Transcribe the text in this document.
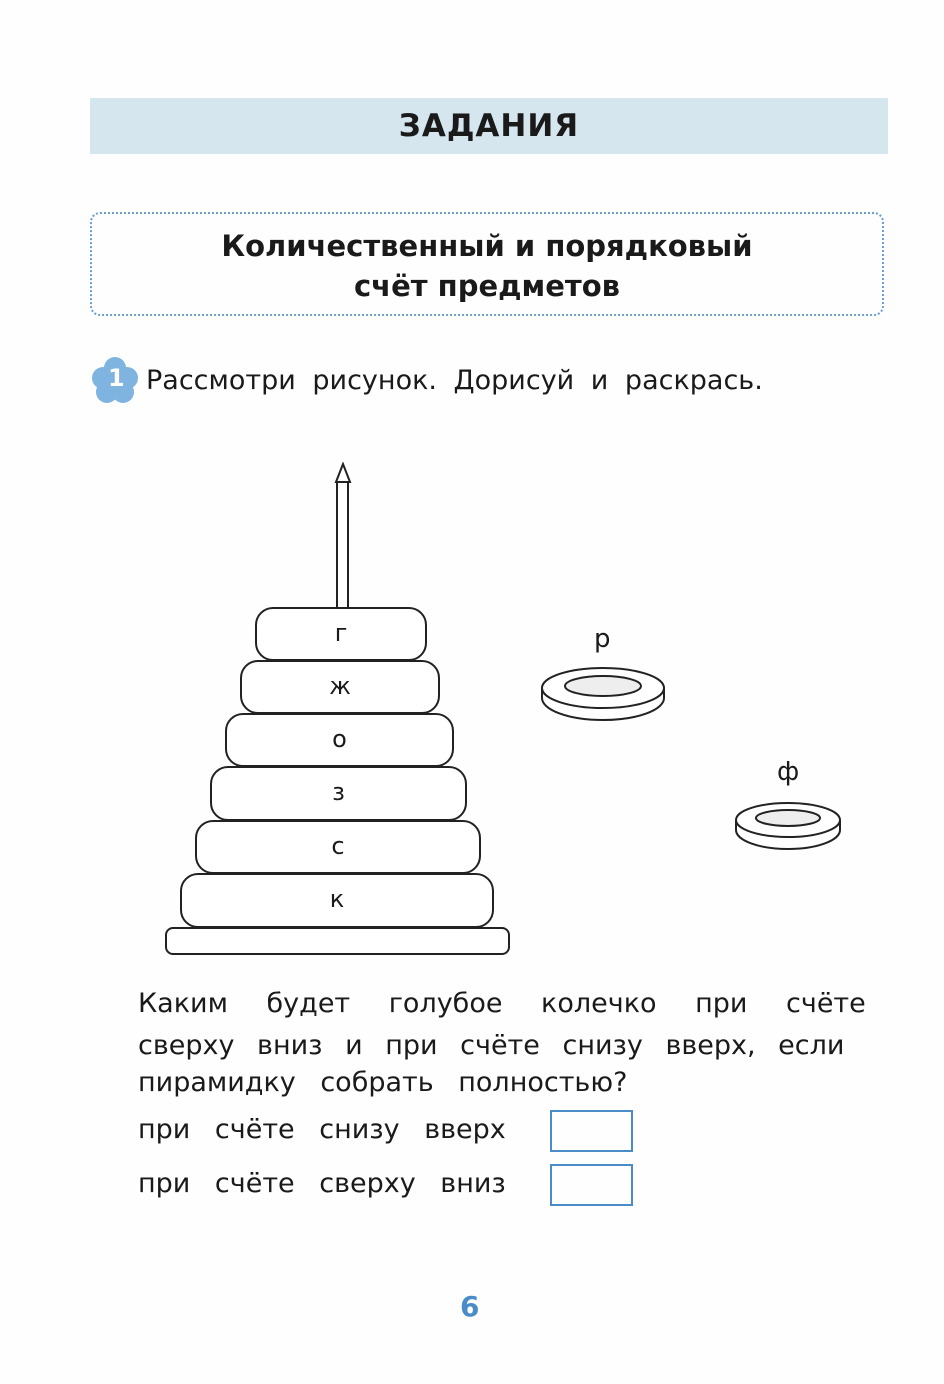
ЗАДАНИЯ
Количественный и порядковый
счёт предметов
1 Рассмотри рисунок. Дорисуй и раскрась.
г
ж
о
з
с
к
р
ф
Каким будет голубое колечко при счёте
сверху вниз и при счёте снизу вверх, если
пирамидку собрать полностью?
при счёте снизу вверх
при счёте сверху вниз
6
